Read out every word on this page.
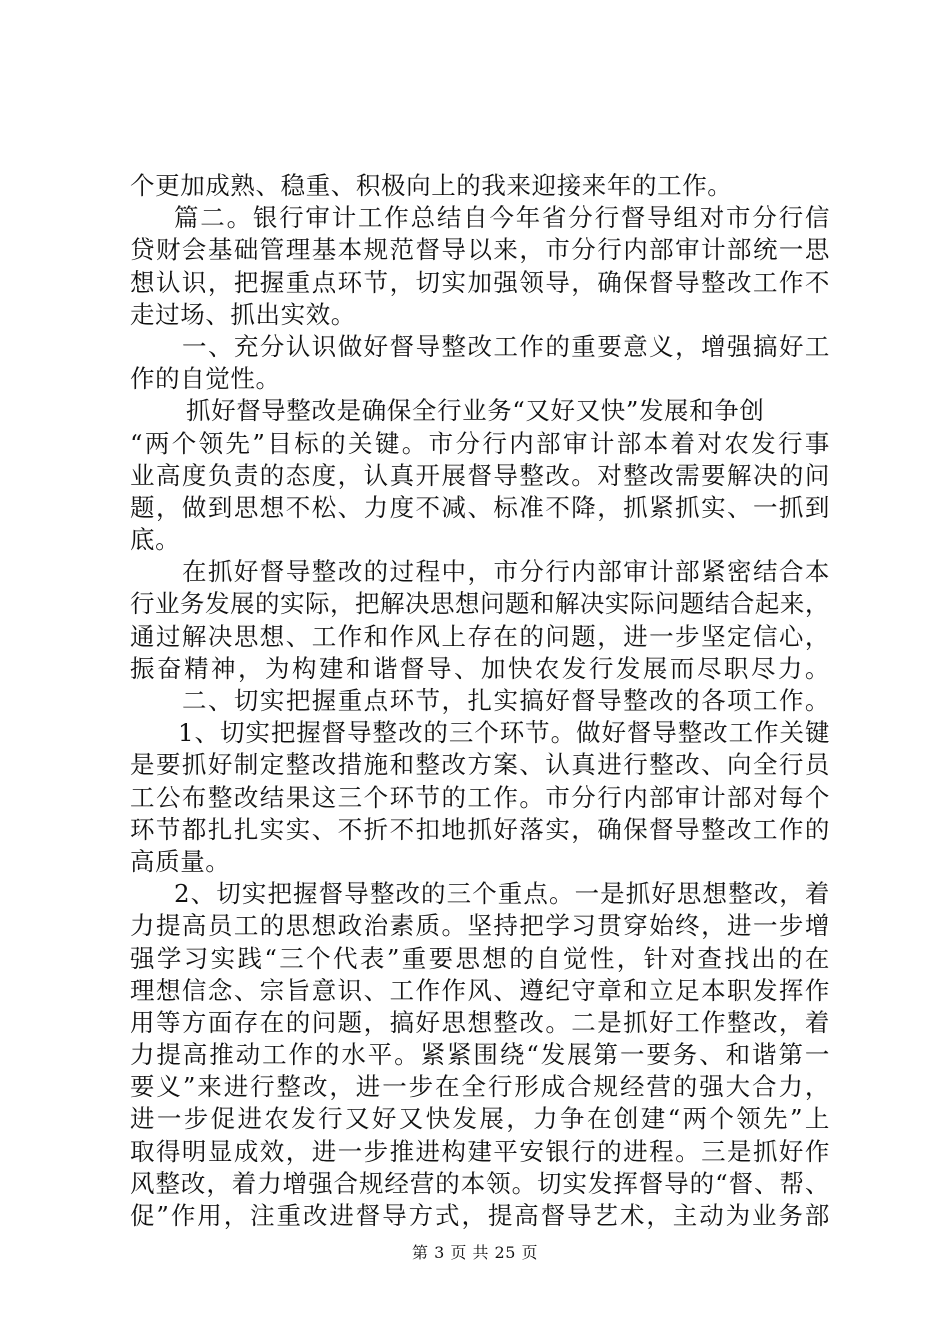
个更加成熟、稳重、积极向上的我来迎接来年的工作。
篇二。银行审计工作总结自今年省分行督导组对市分行信
贷财会基础管理基本规范督导以来，市分行内部审计部统一思
想认识，把握重点环节，切实加强领导，确保督导整改工作不
走过场、抓出实效。
一、充分认识做好督导整改工作的重要意义，增强搞好工
作的自觉性。
抓好督导整改是确保全行业务“又好又快”发展和争创
“两个领先”目标的关键。市分行内部审计部本着对农发行事
业高度负责的态度，认真开展督导整改。对整改需要解决的问
题，做到思想不松、力度不减、标准不降，抓紧抓实、一抓到
底。
在抓好督导整改的过程中，市分行内部审计部紧密结合本
行业务发展的实际，把解决思想问题和解决实际问题结合起来，
通过解决思想、工作和作风上存在的问题，进一步坚定信心，
振奋精神，为构建和谐督导、加快农发行发展而尽职尽力。
二、切实把握重点环节，扎实搞好督导整改的各项工作。
1、切实把握督导整改的三个环节。做好督导整改工作关键
是要抓好制定整改措施和整改方案、认真进行整改、向全行员
工公布整改结果这三个环节的工作。市分行内部审计部对每个
环节都扎扎实实、不折不扣地抓好落实，确保督导整改工作的
高质量。
2、切实把握督导整改的三个重点。一是抓好思想整改，着
力提高员工的思想政治素质。坚持把学习贯穿始终，进一步增
强学习实践“三个代表”重要思想的自觉性，针对查找出的在
理想信念、宗旨意识、工作作风、遵纪守章和立足本职发挥作
用等方面存在的问题，搞好思想整改。二是抓好工作整改，着
力提高推动工作的水平。紧紧围绕“发展第一要务、和谐第一
要义”来进行整改，进一步在全行形成合规经营的强大合力，
进一步促进农发行又好又快发展，力争在创建“两个领先”上
取得明显成效，进一步推进构建平安银行的进程。三是抓好作
风整改，着力增强合规经营的本领。切实发挥督导的“督、帮、
促”作用，注重改进督导方式，提高督导艺术，主动为业务部
第 3 页 共 25 页
